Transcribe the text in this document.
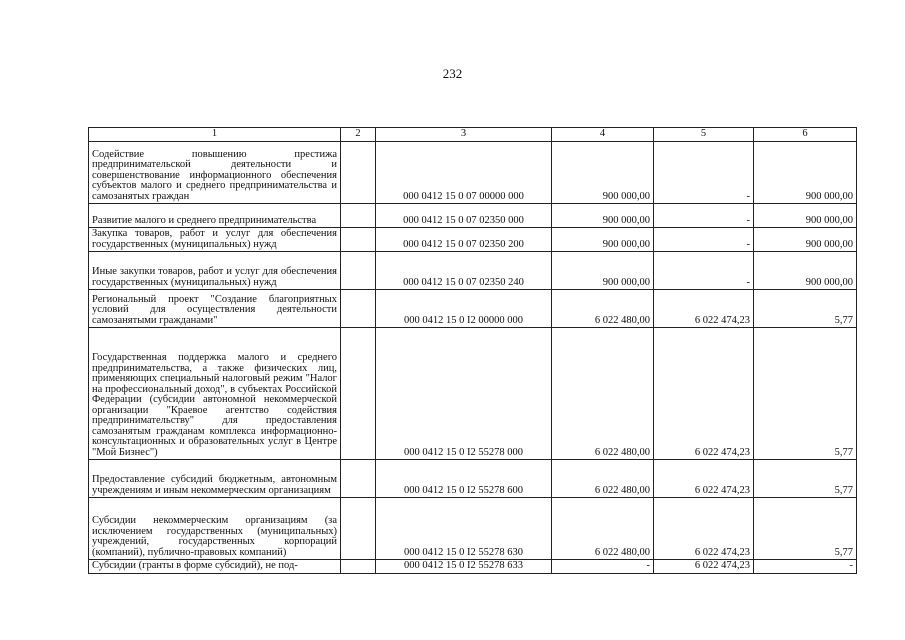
232
1	2	3	4	5	6
Содействие повышению престижа предпринимательской деятельности и совершенствование информационного обеспечения субъектов малого и среднего предпринимательства и самозанятых граждан		000 0412 15 0 07 00000 000	900 000,00	-	900 000,00
Развитие малого и среднего предпринимательства		000 0412 15 0 07 02350 000	900 000,00	-	900 000,00
Закупка товаров, работ и услуг для обеспечения государственных (муниципальных) нужд		000 0412 15 0 07 02350 200	900 000,00	-	900 000,00
Иные закупки товаров, работ и услуг для обеспечения государственных (муниципальных) нужд		000 0412 15 0 07 02350 240	900 000,00	-	900 000,00
Региональный проект "Создание благоприятных условий для осуществления деятельности самозанятыми гражданами"		000 0412 15 0 I2 00000 000	6 022 480,00	6 022 474,23	5,77
Государственная поддержка малого и среднего предпринимательства, а также физических лиц, применяющих специальный налоговый режим "Налог на профессиональный доход", в субъектах Российской Федерации (субсидии автономной некоммерческой организации "Краевое агентство содействия предпринимательству" для предоставления самозанятым гражданам комплекса информационно-консультационных и образовательных услуг в Центре "Мой Бизнес")		000 0412 15 0 I2 55278 000	6 022 480,00	6 022 474,23	5,77
Предоставление субсидий бюджетным, автономным учреждениям и иным некоммерческим организациям		000 0412 15 0 I2 55278 600	6 022 480,00	6 022 474,23	5,77
Субсидии некоммерческим организациям (за исключением государственных (муниципальных) учреждений, государственных корпораций (компаний), публично-правовых компаний)		000 0412 15 0 I2 55278 630	6 022 480,00	6 022 474,23	5,77
Субсидии (гранты в форме субсидий), не под-		000 0412 15 0 I2 55278 633	-	6 022 474,23	-
